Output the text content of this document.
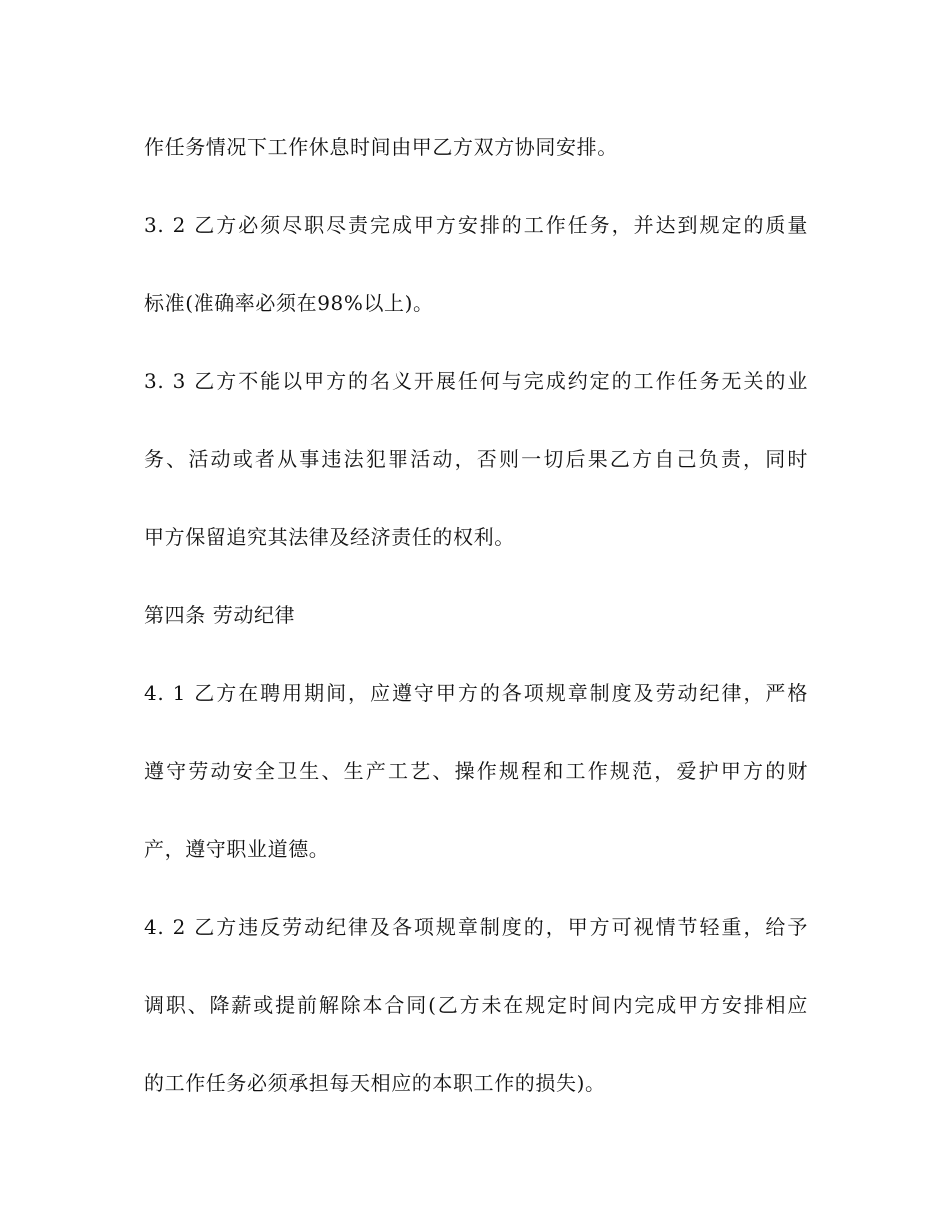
作任务情况下工作休息时间由甲乙方双方协同安排。

3. 2 乙方必须尽职尽责完成甲方安排的工作任务，并达到规定的质量

标准(准确率必须在98%以上)。

3. 3 乙方不能以甲方的名义开展任何与完成约定的工作任务无关的业

务、活动或者从事违法犯罪活动，否则一切后果乙方自己负责，同时

甲方保留追究其法律及经济责任的权利。

第四条 劳动纪律

4. 1 乙方在聘用期间，应遵守甲方的各项规章制度及劳动纪律，严格

遵守劳动安全卫生、生产工艺、操作规程和工作规范，爱护甲方的财

产，遵守职业道德。

4. 2 乙方违反劳动纪律及各项规章制度的，甲方可视情节轻重，给予

调职、降薪或提前解除本合同(乙方未在规定时间内完成甲方安排相应

的工作任务必须承担每天相应的本职工作的损失)。
